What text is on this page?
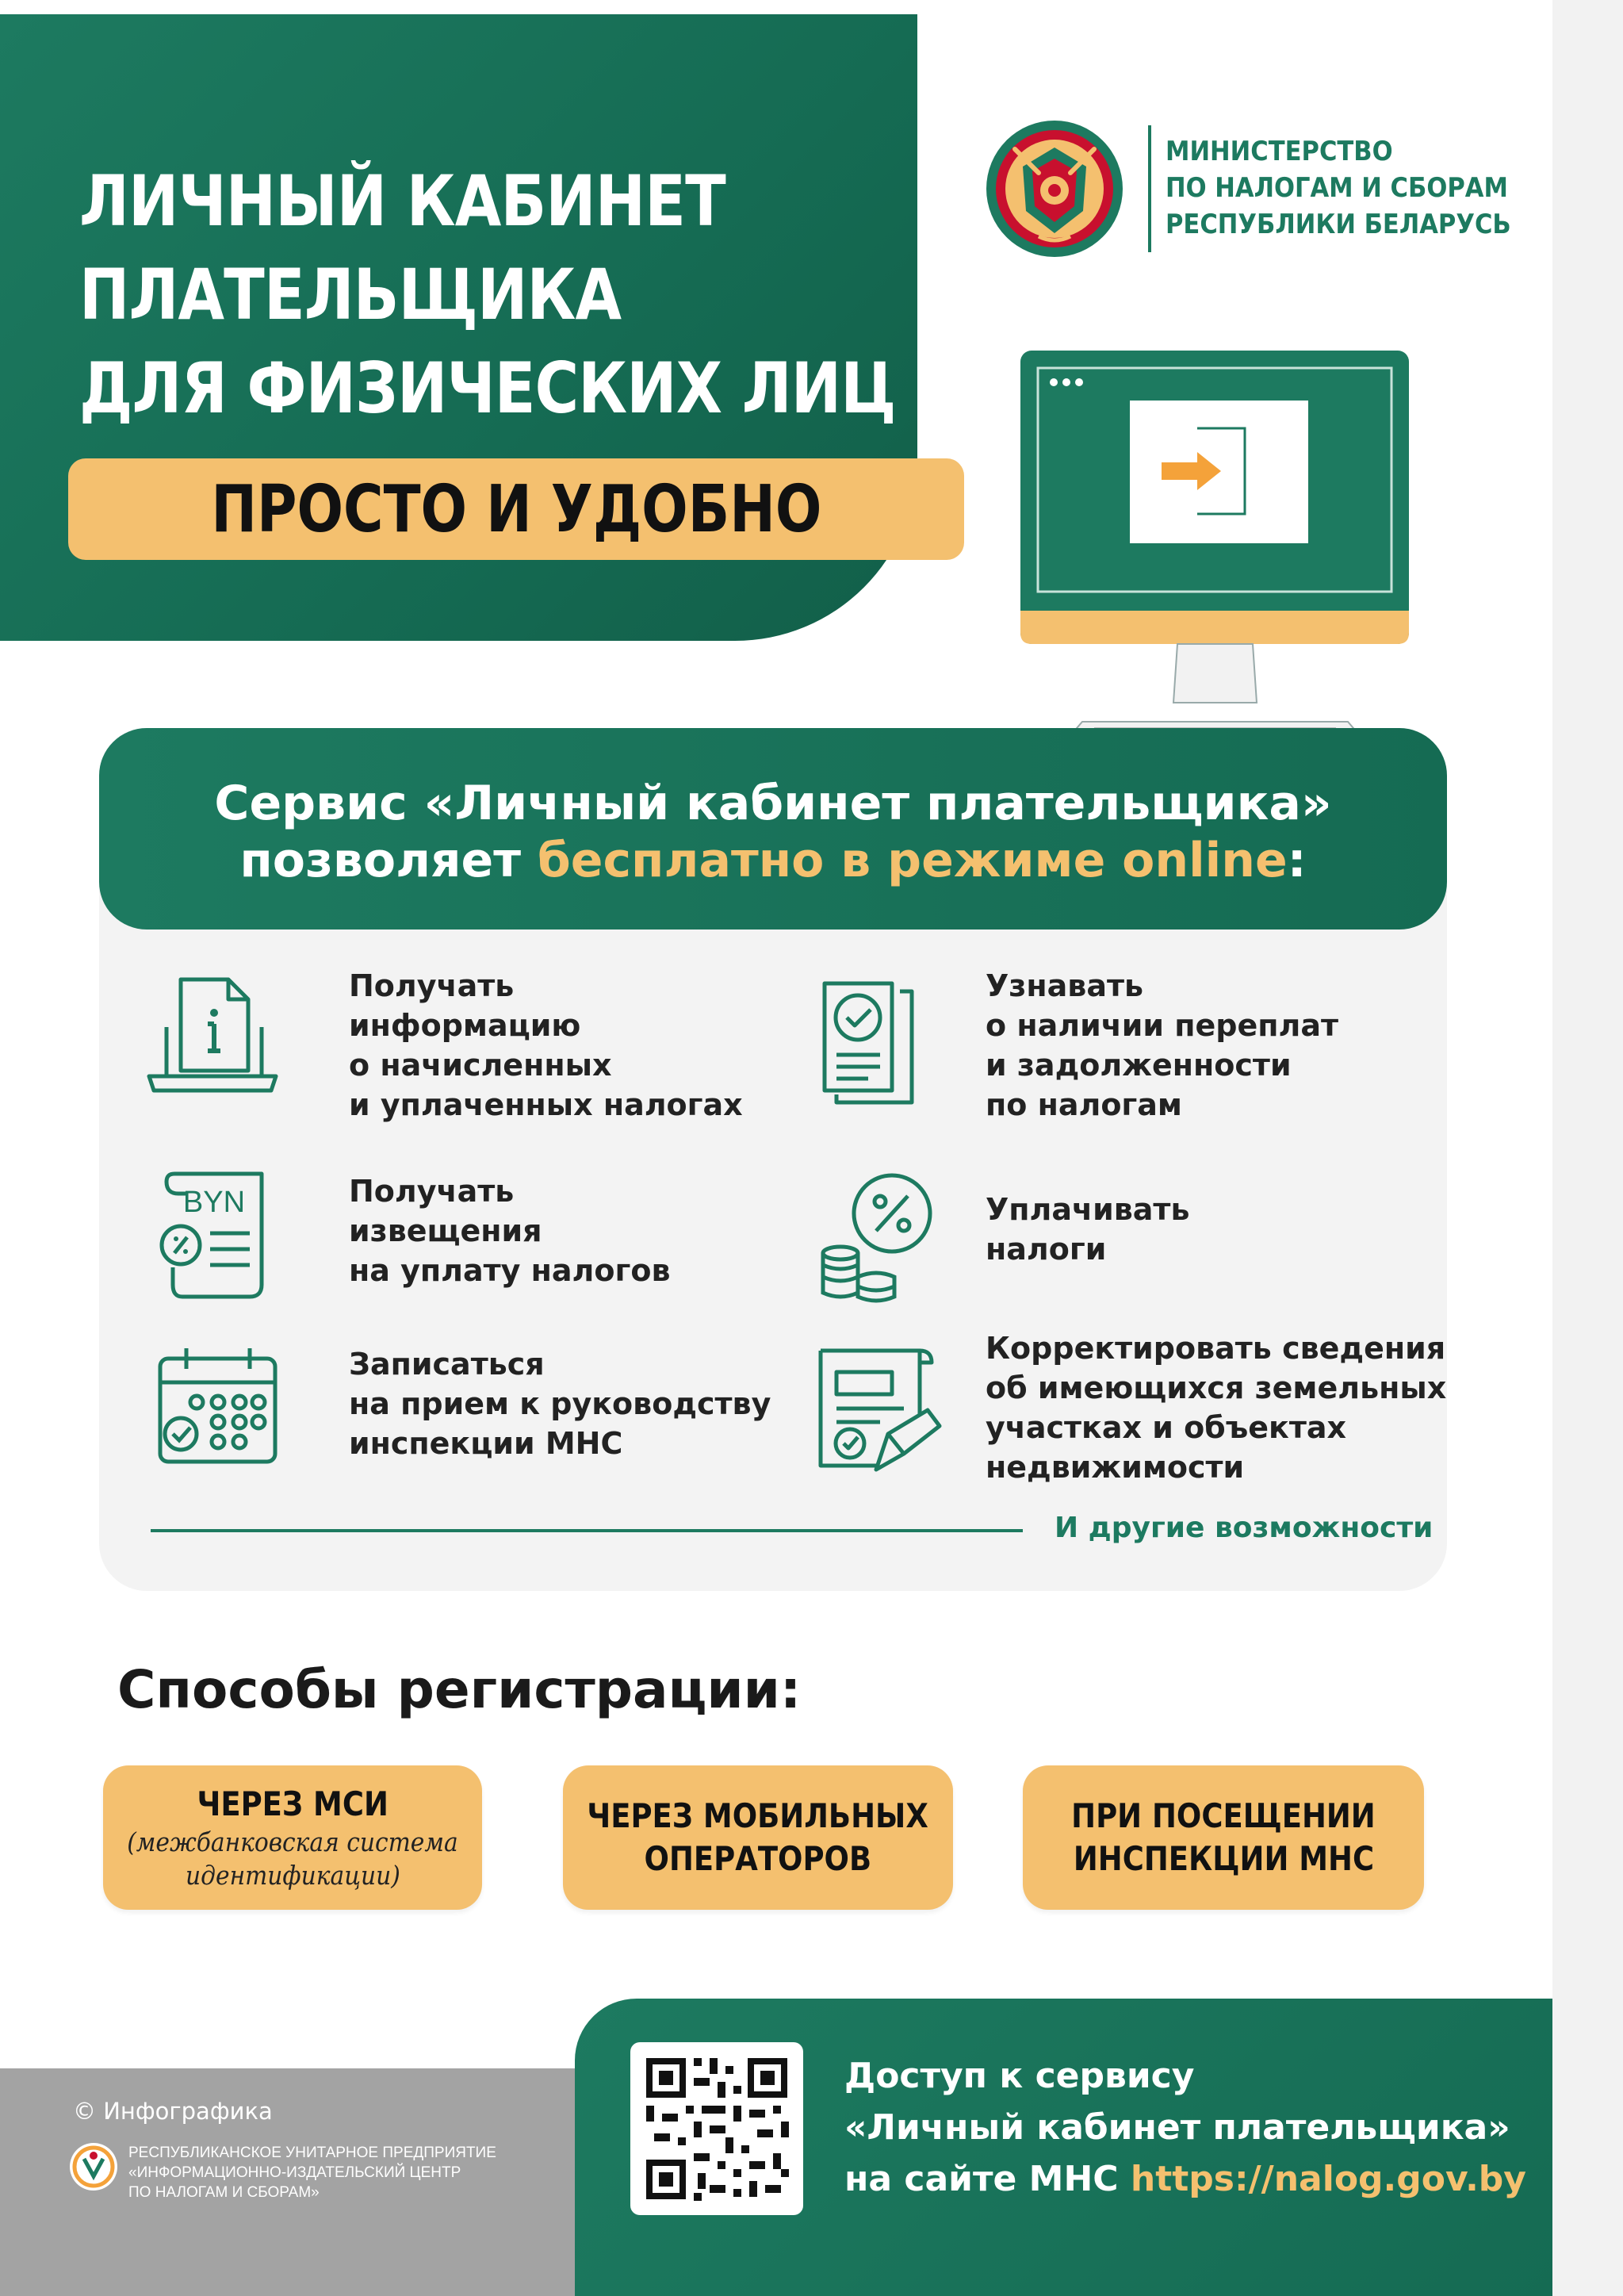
ЛИЧНЫЙ КАБИНЕТ
ПЛАТЕЛЬЩИКА
ДЛЯ ФИЗИЧЕСКИХ ЛИЦ
ПРОСТО И УДОБНО
МИНИСТЕРСТВО
ПО НАЛОГАМ И СБОРАМ
РЕСПУБЛИКИ БЕЛАРУСЬ
Сервис «Личный кабинет плательщика»
позволяет бесплатно в режиме online:
Получать
информацию
о начисленных
и уплаченных налогах
Узнавать
о наличии переплат
и задолженности
по налогам
BYN	Получать
извещения
на уплату налогов
Уплачивать
налоги
Записаться
на прием к руководству
инспекции МНС
Корректировать сведения
об имеющихся земельных
участках и объектах
недвижимости
И другие возможности
Способы регистрации:
ЧЕРЕЗ МСИ
(межбанковская система
идентификации)
ЧЕРЕЗ МОБИЛЬНЫХ
ОПЕРАТОРОВ
ПРИ ПОСЕЩЕНИИ
ИНСПЕКЦИИ МНС
© Инфографика
РЕСПУБЛИКАНСКОЕ УНИТАРНОЕ ПРЕДПРИЯТИЕ
«ИНФОРМАЦИОННО-ИЗДАТЕЛЬСКИЙ ЦЕНТР
ПО НАЛОГАМ И СБОРАМ»
Доступ к сервису
«Личный кабинет плательщика»
на сайте МНС https://nalog.gov.by
